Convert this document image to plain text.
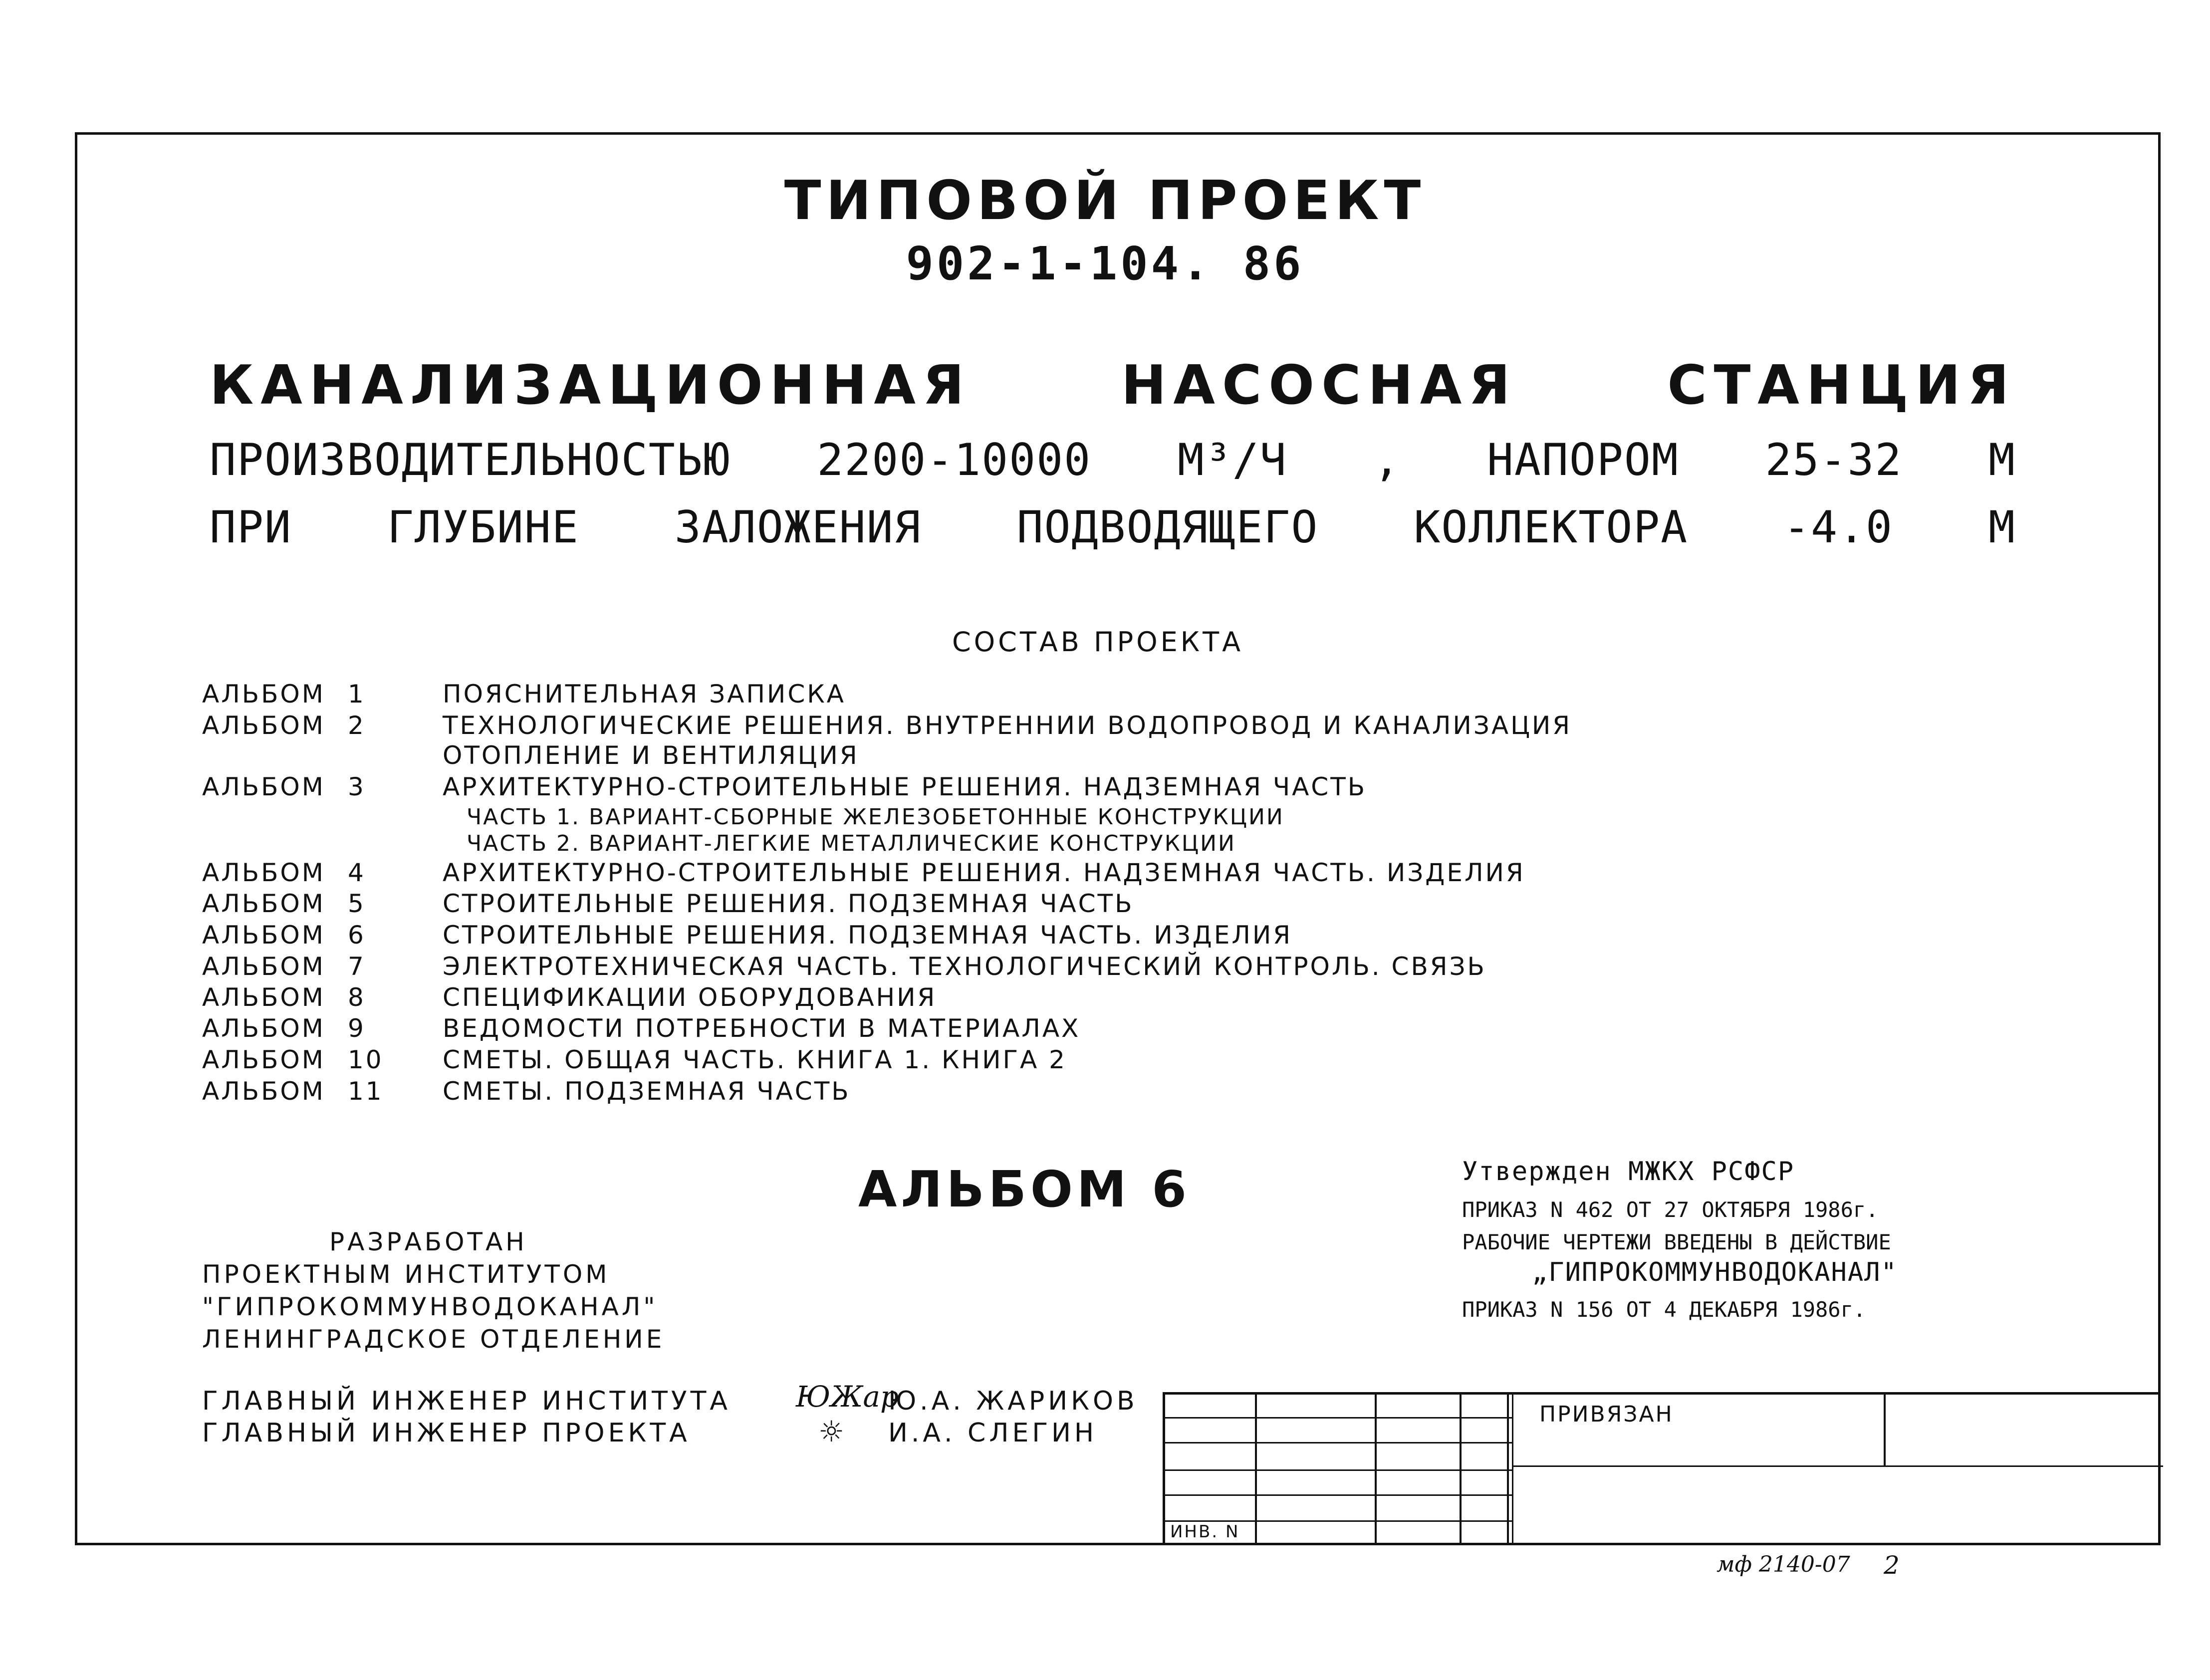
ТИПОВОЙ ПРОЕКТ
902-1-104. 86
КАНАЛИЗАЦИОННАЯ НАСОСНАЯ СТАНЦИЯ
ПРОИЗВОДИТЕЛЬНОСТЬЮ 2200-10000 М³/Ч , НАПОРОМ 25-32 М
ПРИ ГЛУБИНЕ ЗАЛОЖЕНИЯ ПОДВОДЯЩЕГО КОЛЛЕКТОРА -4.0 М
СОСТАВ ПРОЕКТА
АЛЬБОМ 1	ПОЯСНИТЕЛЬНАЯ ЗАПИСКА
АЛЬБОМ 2	ТЕХНОЛОГИЧЕСКИЕ РЕШЕНИЯ. ВНУТРЕННИИ ВОДОПРОВОД И КАНАЛИЗАЦИЯ
ОТОПЛЕНИЕ И ВЕНТИЛЯЦИЯ
АЛЬБОМ 3	АРХИТЕКТУРНО-СТРОИТЕЛЬНЫЕ РЕШЕНИЯ. НАДЗЕМНАЯ ЧАСТЬ
ЧАСТЬ 1. ВАРИАНТ-СБОРНЫЕ ЖЕЛЕЗОБЕТОННЫЕ КОНСТРУКЦИИ
ЧАСТЬ 2. ВАРИАНТ-ЛЕГКИЕ МЕТАЛЛИЧЕСКИЕ КОНСТРУКЦИИ
АЛЬБОМ 4	АРХИТЕКТУРНО-СТРОИТЕЛЬНЫЕ РЕШЕНИЯ. НАДЗЕМНАЯ ЧАСТЬ. ИЗДЕЛИЯ
АЛЬБОМ 5	СТРОИТЕЛЬНЫЕ РЕШЕНИЯ. ПОДЗЕМНАЯ ЧАСТЬ
АЛЬБОМ 6	СТРОИТЕЛЬНЫЕ РЕШЕНИЯ. ПОДЗЕМНАЯ ЧАСТЬ. ИЗДЕЛИЯ
АЛЬБОМ 7	ЭЛЕКТРОТЕХНИЧЕСКАЯ ЧАСТЬ. ТЕХНОЛОГИЧЕСКИЙ КОНТРОЛЬ. СВЯЗЬ
АЛЬБОМ 8	СПЕЦИФИКАЦИИ ОБОРУДОВАНИЯ
АЛЬБОМ 9	ВЕДОМОСТИ ПОТРЕБНОСТИ В МАТЕРИАЛАХ
АЛЬБОМ 10 СМЕТЫ. ОБЩАЯ ЧАСТЬ. КНИГА 1. КНИГА 2
АЛЬБОМ 11 СМЕТЫ. ПОДЗЕМНАЯ ЧАСТЬ
АЛЬБОМ 6	Утвержден МЖКХ РСФСР
ПРИКАЗ N 462 ОТ 27 ОКТЯБРЯ 1986г.
РАБОЧИЕ ЧЕРТЕЖИ ВВЕДЕНЫ В ДЕЙСТВИЕ
„ГИПРОКОММУНВОДОКАНАЛ"
ПРИКАЗ N 156 ОТ 4 ДЕКАБРЯ 1986г.
РАЗРАБОТАН
ПРОЕКТНЫМ ИНСТИТУТОМ
"ГИПРОКОММУНВОДОКАНАЛ"
ЛЕНИНГРАДСКОЕ ОТДЕЛЕНИЕ
ГЛАВНЫЙ ИНЖЕНЕР ИНСТИТУТА ЮЖар
Ю.А. ЖАРИКОВ
ГЛАВНЫЙ ИНЖЕНЕР ПРОЕКТА	☼ И.А. СЛЕГИН
ПРИВЯЗАН
ИНВ. N
мф 2140-07 2
